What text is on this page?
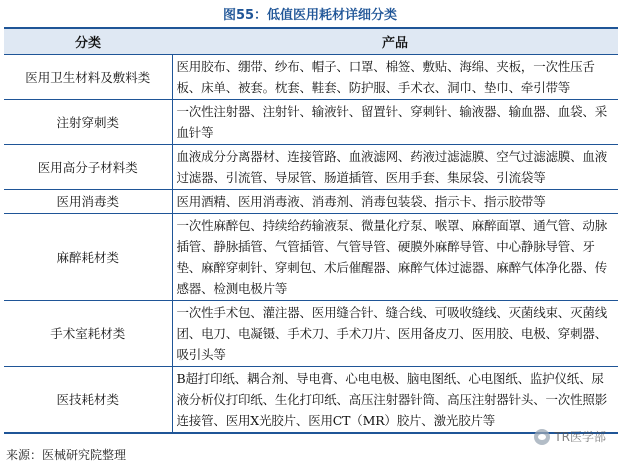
图55：低值医用耗材详细分类
分类	产品
医用卫生材料及敷料类	医用胶布、绷带、纱布、帽子、口罩、棉签、敷贴、海绵、夹板，一次性压舌板、床单、被套。枕套、鞋套、防护服、手术衣、洞巾、垫巾、牵引带等
注射穿刺类	一次性注射器、注射针、输液针、留置针、穿刺针、输液器、输血器、血袋、采血针等
医用高分子材料类	血液成分分离器材、连接管路、血液滤网、药液过滤滤膜、空气过滤滤膜、血液过滤器、引流管、导尿管、肠道插管、医用手套、集尿袋、引流袋等
医用消毒类	医用酒精、医用消毒液、消毒剂、消毒包装袋、指示卡、指示胶带等
麻醉耗材类	一次性麻醉包、持续给药输液泵、微量化疗泵、喉罩、麻醉面罩、通气管、动脉插管、静脉插管、气管插管、气管导管、硬膜外麻醉导管、中心静脉导管、牙垫、麻醉穿刺针、穿刺包、术后催醒器、麻醉气体过滤器、麻醉气体净化器、传感器、检测电极片等
手术室耗材类	一次性手术包、灌注器、医用缝合针、缝合线、可吸收缝线、灭菌线束、灭菌线团、电刀、电凝镊、手术刀、手术刀片、医用备皮刀、医用胶、电极、穿刺器、吸引头等
医技耗材类	B超打印纸、耦合剂、导电膏、心电电极、脑电图纸、心电图纸、监护仪纸、尿液分析仪打印纸、生化打印纸、高压注射器针筒、高压注射器针头、一次性照影连接管、医用X光胶片、医用CT（MR）胶片、激光胶片等
TR医学部
来源：医械研究院整理
